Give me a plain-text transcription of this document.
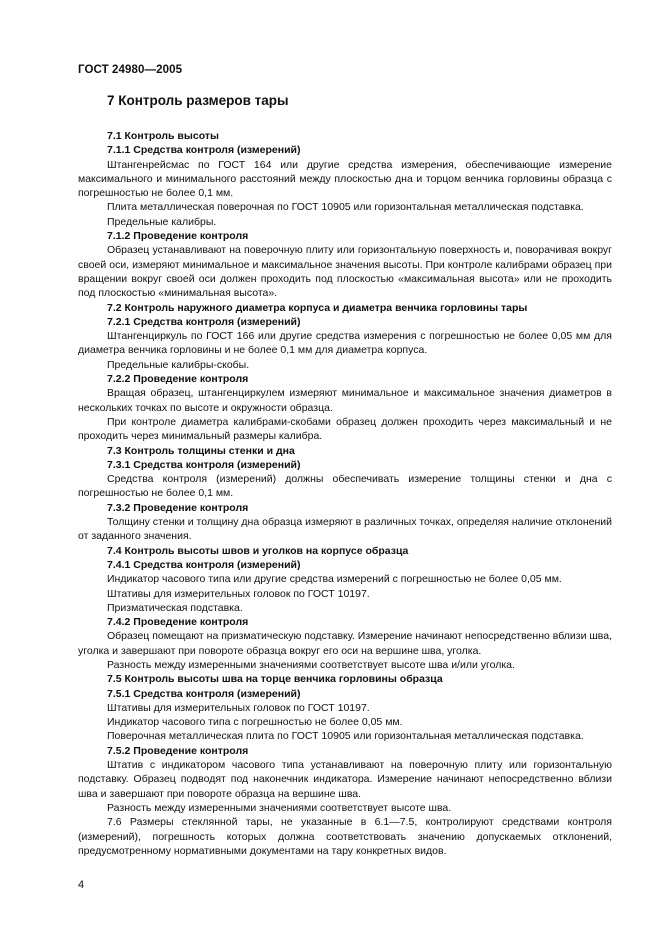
ГОСТ 24980—2005
7 Контроль размеров тары

7.1 Контроль высоты

7.1.1 Средства контроля (измерений)

Штангенрейсмас по ГОСТ 164 или другие средства измерения, обеспечивающие измерение максимального и минимального расстояний между плоскостью дна и торцом венчика горловины образца с погрешностью не более 0,1 мм.

Плита металлическая поверочная по ГОСТ 10905 или горизонтальная металлическая подставка.

Предельные калибры.

7.1.2 Проведение контроля

Образец устанавливают на поверочную плиту или горизонтальную поверхность и, поворачивая вокруг своей оси, измеряют минимальное и максимальное значения высоты. При контроле калибрами образец при вращении вокруг своей оси должен проходить под плоскостью «максимальная высота» или не проходить под плоскостью «минимальная высота».

7.2 Контроль наружного диаметра корпуса и диаметра венчика горловины тары

7.2.1 Средства контроля (измерений)

Штангенциркуль по ГОСТ 166 или другие средства измерения с погрешностью не более 0,05 мм для диаметра венчика горловины и не более 0,1 мм для диаметра корпуса.

Предельные калибры-скобы.

7.2.2 Проведение контроля

Вращая образец, штангенциркулем измеряют минимальное и максимальное значения диаметров в нескольких точках по высоте и окружности образца.

При контроле диаметра калибрами-скобами образец должен проходить через максимальный и не проходить через минимальный размеры калибра.

7.3 Контроль толщины стенки и дна

7.3.1 Средства контроля (измерений)

Средства контроля (измерений) должны обеспечивать измерение толщины стенки и дна с погрешностью не более 0,1 мм.

7.3.2 Проведение контроля

Толщину стенки и толщину дна образца измеряют в различных точках, определяя наличие отклонений от заданного значения.

7.4 Контроль высоты швов и уголков на корпусе образца

7.4.1 Средства контроля (измерений)

Индикатор часового типа или другие средства измерений с погрешностью не более 0,05 мм.

Штативы для измерительных головок по ГОСТ 10197.

Призматическая подставка.

7.4.2 Проведение контроля

Образец помещают на призматическую подставку. Измерение начинают непосредственно вблизи шва, уголка и завершают при повороте образца вокруг его оси на вершине шва, уголка.

Разность между измеренными значениями соответствует высоте шва и/или уголка.

7.5 Контроль высоты шва на торце венчика горловины образца

7.5.1 Средства контроля (измерений)

Штативы для измерительных головок по ГОСТ 10197.

Индикатор часового типа с погрешностью не более 0,05 мм.

Поверочная металлическая плита по ГОСТ 10905 или горизонтальная металлическая подставка.

7.5.2 Проведение контроля

Штатив с индикатором часового типа устанавливают на поверочную плиту или горизонтальную подставку. Образец подводят под наконечник индикатора. Измерение начинают непосредственно вблизи шва и завершают при повороте образца на вершине шва.

Разность между измеренными значениями соответствует высоте шва.

7.6 Размеры стеклянной тары, не указанные в 6.1—7.5, контролируют средствами контроля (измерений), погрешность которых должна соответствовать значению допускаемых отклонений, предусмотренному нормативными документами на тару конкретных видов.

4
